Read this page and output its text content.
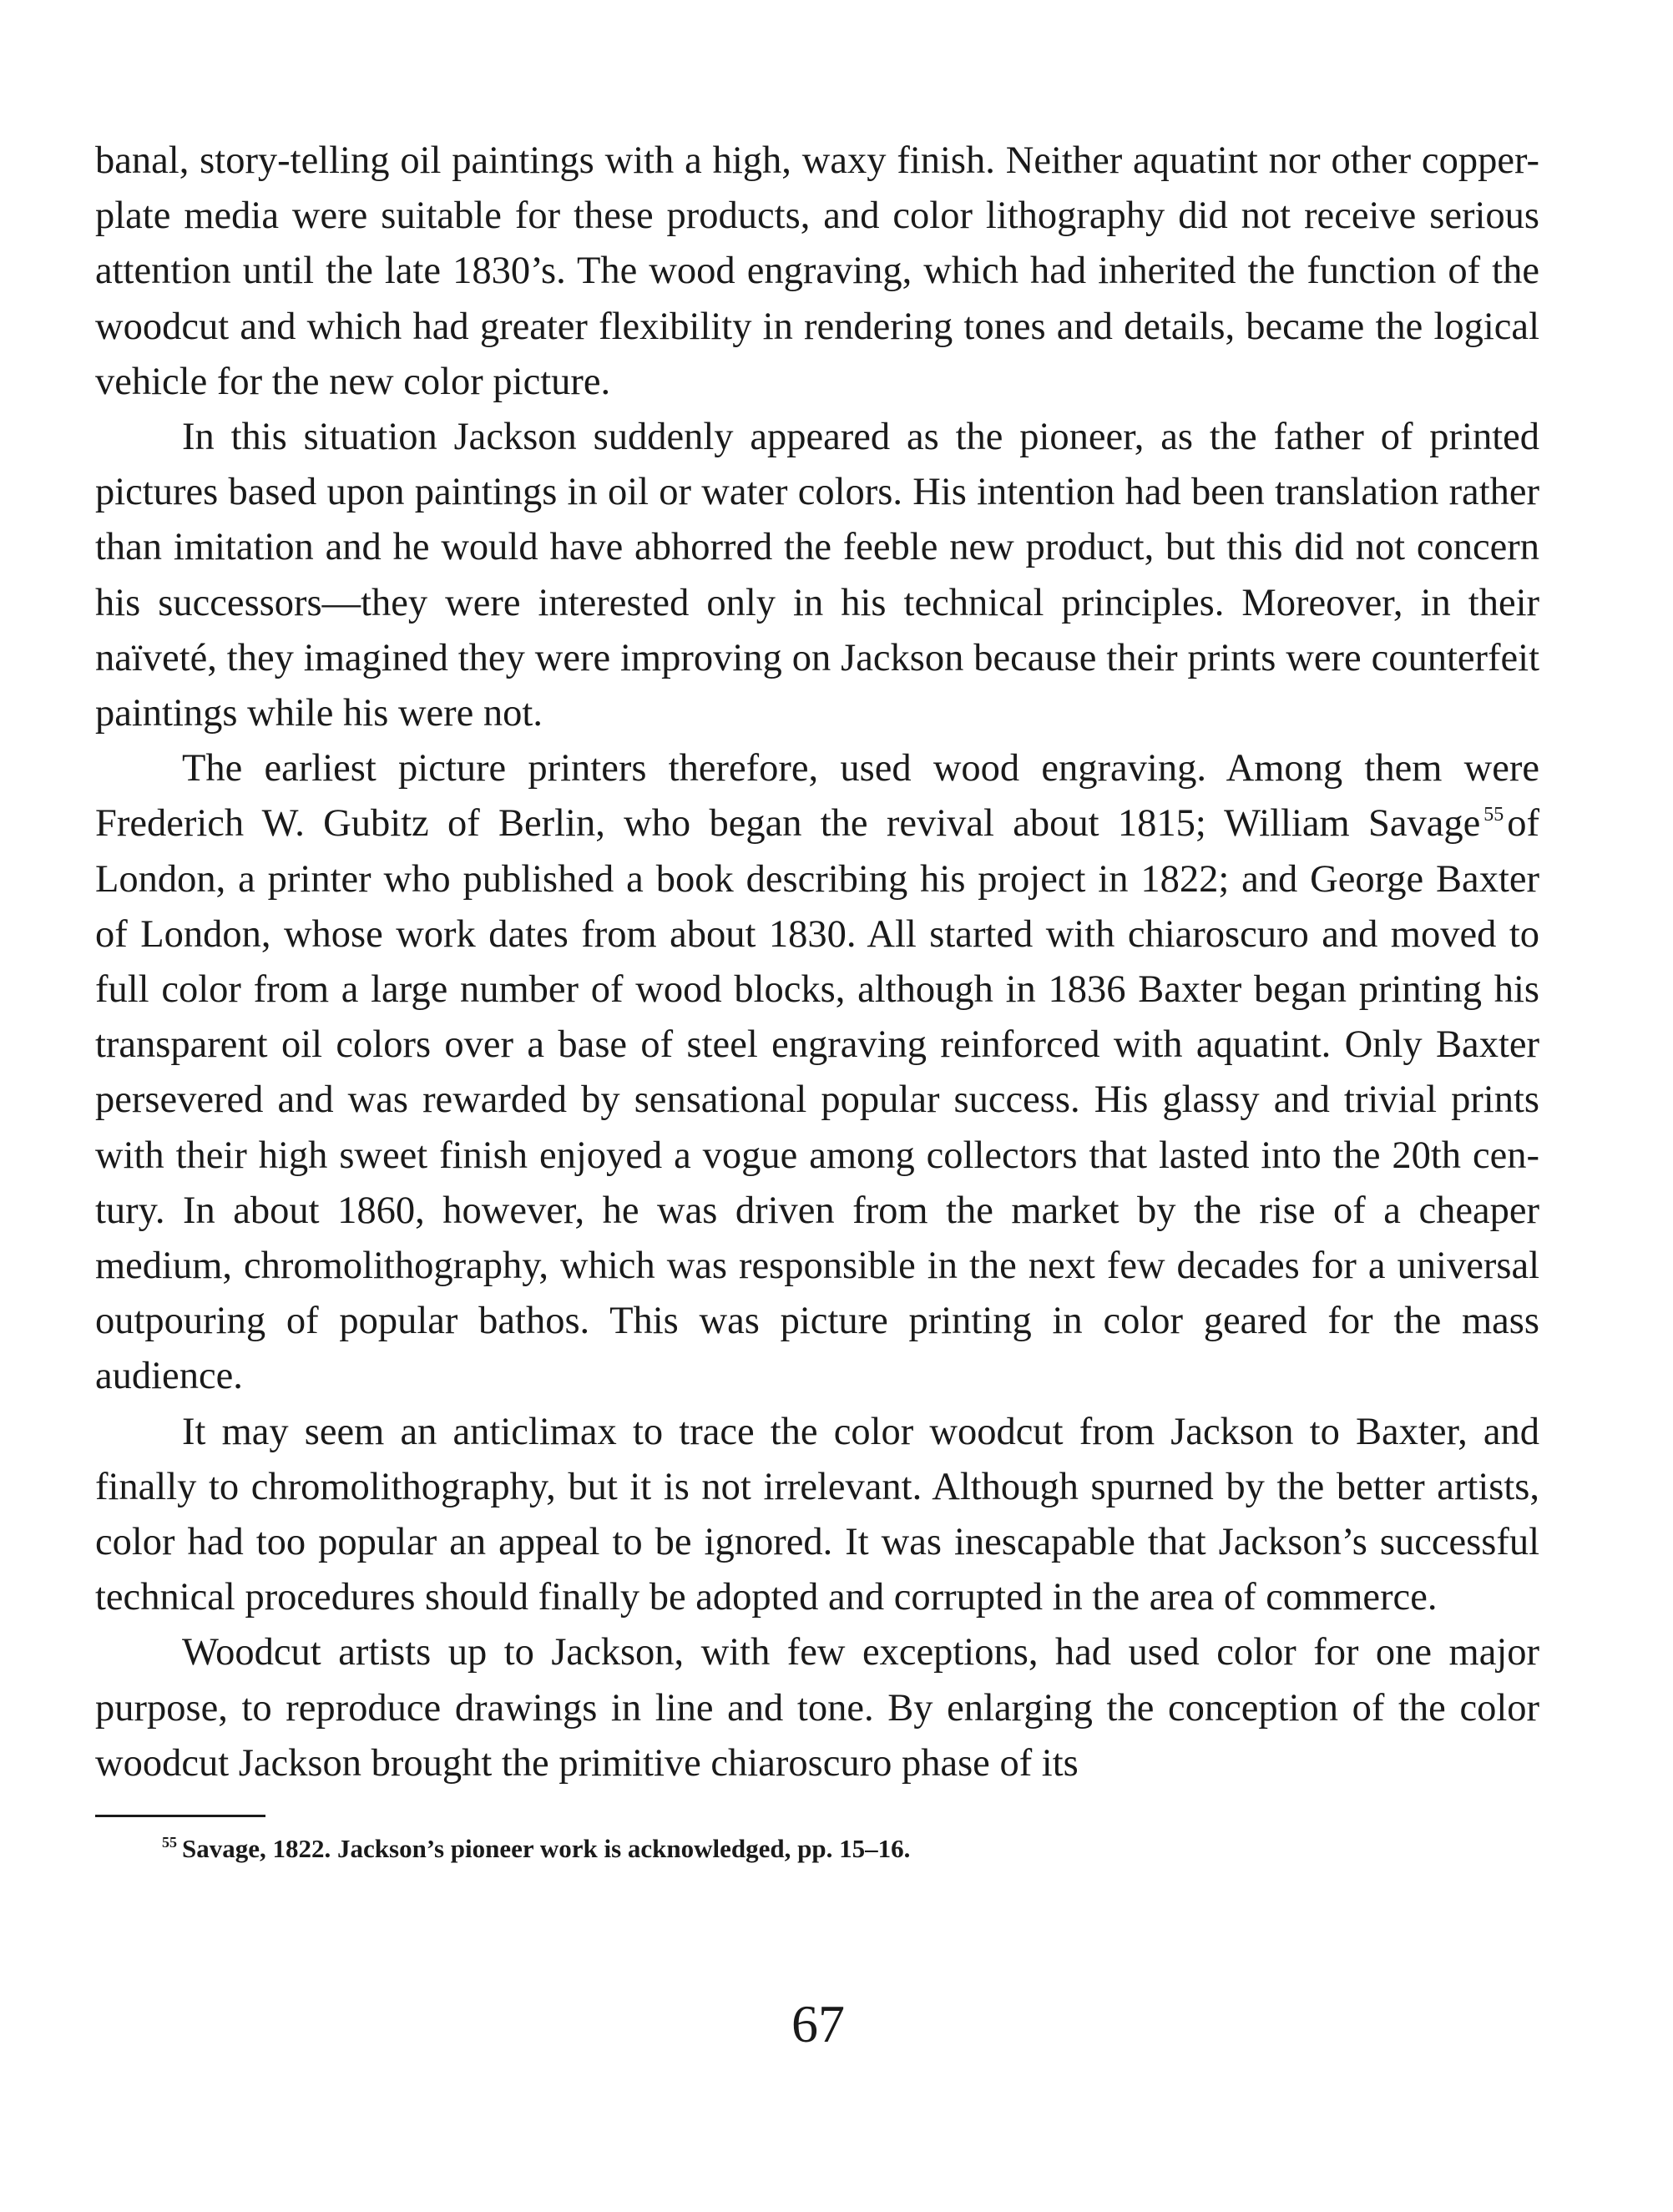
banal, story-telling oil paintings with a high, waxy finish. Neither aquatint nor other copper-plate media were suitable for these products, and color lithography did not receive serious attention until the late 1830’s. The wood engraving, which had inherited the function of the woodcut and which had greater flexibility in rendering tones and details, became the logical vehicle for the new color picture.

In this situation Jackson suddenly appeared as the pioneer, as the father of printed pictures based upon paintings in oil or water colors. His intention had been translation rather than imitation and he would have abhorred the feeble new product, but this did not concern his successors—they were interested only in his technical principles. Moreover, in their naïveté, they imagined they were improving on Jackson because their prints were counterfeit paintings while his were not.

The earliest picture printers therefore, used wood engraving. Among them were Frederich W. Gubitz of Berlin, who began the revival about 1815; William Savage $^{55}$of London, a printer who published a book describing his project in 1822; and George Baxter of London, whose work dates from about 1830. All started with chiaroscuro and moved to full color from a large number of wood blocks, although in 1836 Baxter began printing his transparent oil colors over a base of steel engraving reinforced with aquatint. Only Baxter persevered and was rewarded by sensational popular success. His glassy and trivial prints with their high sweet finish enjoyed a vogue among collectors that lasted into the 20th century. In about 1860, however, he was driven from the market by the rise of a cheaper medium, chromolithography, which was responsible in the next few decades for a universal outpouring of popular bathos. This was picture printing in color geared for the mass audience.

It may seem an anticlimax to trace the color woodcut from Jackson to Baxter, and finally to chromolithography, but it is not irrelevant. Although spurned by the better artists, color had too popular an appeal to be ignored. It was inescapable that Jackson’s successful technical procedures should finally be adopted and corrupted in the area of commerce.

Woodcut artists up to Jackson, with few exceptions, had used color for one major purpose, to reproduce drawings in line and tone. By enlarging the conception of the color woodcut Jackson brought the primitive chiaroscuro phase of its

$^{55}$ Savage, 1822. Jackson’s pioneer work is acknowledged, pp. 15–16.
67
